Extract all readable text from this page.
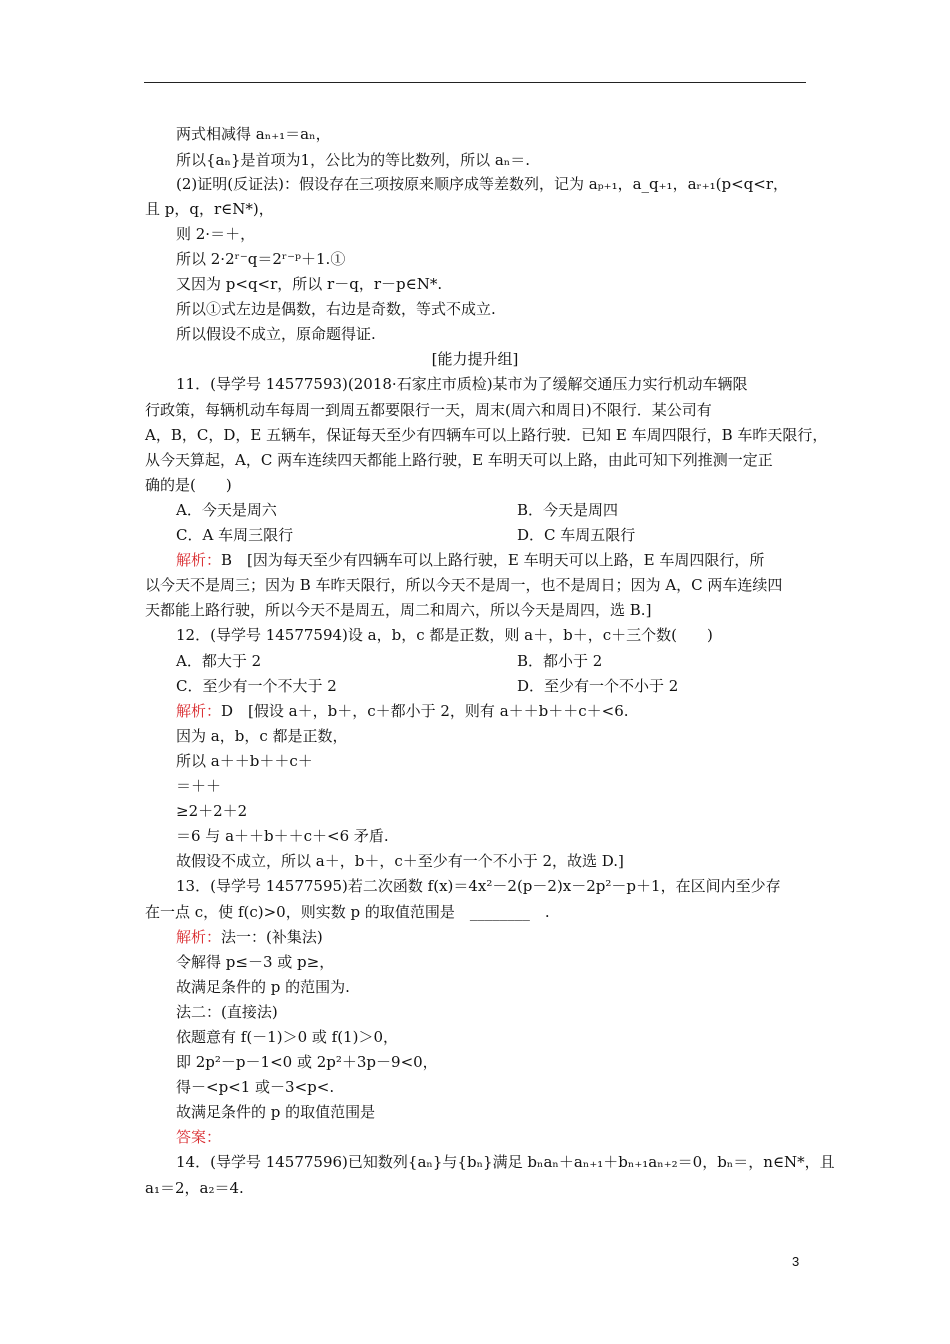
两式相减得 aₙ₊₁＝aₙ，
所以{aₙ}是首项为1，公比为的等比数列，所以 aₙ＝.
(2)证明(反证法)：假设存在三项按原来顺序成等差数列，记为 aₚ₊₁，a_q₊₁，aᵣ₊₁(p<q<r，
且 p，q，r∈N*)，
则 2·＝＋，
所以 2·2ʳ⁻q＝2ʳ⁻ᵖ＋1.①
又因为 p<q<r，所以 r－q，r－p∈N*.
所以①式左边是偶数，右边是奇数，等式不成立.
所以假设不成立，原命题得证.
[能力提升组]
11．(导学号 14577593)(2018·石家庄市质检)某市为了缓解交通压力实行机动车辆限
行政策，每辆机动车每周一到周五都要限行一天，周末(周六和周日)不限行．某公司有
A，B，C，D，E 五辆车，保证每天至少有四辆车可以上路行驶．已知 E 车周四限行，B 车昨天限行，
从今天算起，A，C 两车连续四天都能上路行驶，E 车明天可以上路，由此可知下列推测一定正
确的是(　　)
A．今天是周六	B．今天是周四
C．A 车周三限行	D．C 车周五限行
解析：B　[因为每天至少有四辆车可以上路行驶，E 车明天可以上路，E 车周四限行，所
以今天不是周三；因为 B 车昨天限行，所以今天不是周一，也不是周日；因为 A，C 两车连续四
天都能上路行驶，所以今天不是周五，周二和周六，所以今天是周四，选 B.]
12．(导学号 14577594)设 a，b，c 都是正数，则 a＋，b＋，c＋三个数(　　)
A．都大于 2	B．都小于 2
C．至少有一个不大于 2	D．至少有一个不小于 2
解析：D　[假设 a＋，b＋，c＋都小于 2，则有 a＋＋b＋＋c＋<6.
因为 a，b，c 都是正数，
所以 a＋＋b＋＋c＋
＝＋＋
≥2＋2＋2
＝6 与 a＋＋b＋＋c＋<6 矛盾.
故假设不成立，所以 a＋，b＋，c＋至少有一个不小于 2，故选 D.]
13．(导学号 14577595)若二次函数 f(x)＝4x²－2(p－2)x－2p²－p＋1，在区间内至少存
在一点 c，使 f(c)>0，则实数 p 的取值范围是　________　.
解析：法一：(补集法)
令解得 p≤－3 或 p≥，
故满足条件的 p 的范围为.
法二：(直接法)
依题意有 f(－1)＞0 或 f(1)＞0，
即 2p²－p－1<0 或 2p²＋3p－9<0，
得－<p<1 或－3<p<.
故满足条件的 p 的取值范围是
答案：
14．(导学号 14577596)已知数列{aₙ}与{bₙ}满足 bₙaₙ＋aₙ₊₁＋bₙ₊₁aₙ₊₂＝0，bₙ＝，n∈N*，且
a₁＝2，a₂＝4.
3
